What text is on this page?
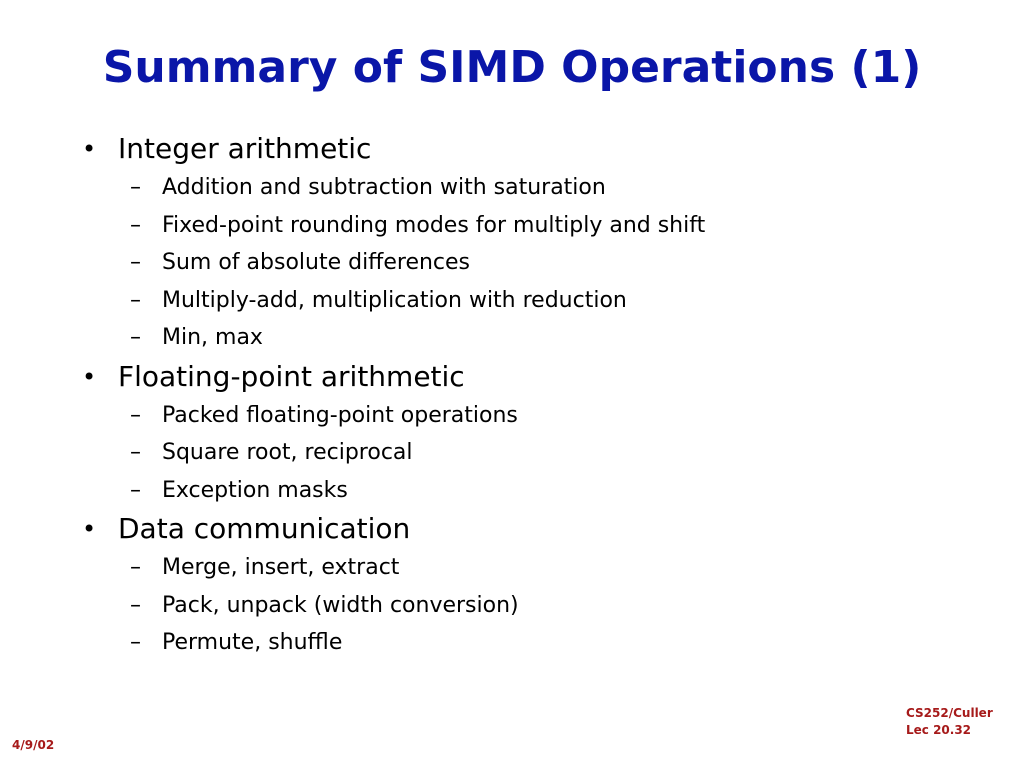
Summary of SIMD Operations (1)
• Integer arithmetic
– Addition and subtraction with saturation
– Fixed-point rounding modes for multiply and shift
– Sum of absolute differences
– Multiply-add, multiplication with reduction
– Min, max
• Floating-point arithmetic
– Packed floating-point operations
– Square root, reciprocal
– Exception masks
• Data communication
– Merge, insert, extract
– Pack, unpack (width conversion)
– Permute, shuffle
CS252/Culler
Lec 20.32
4/9/02
